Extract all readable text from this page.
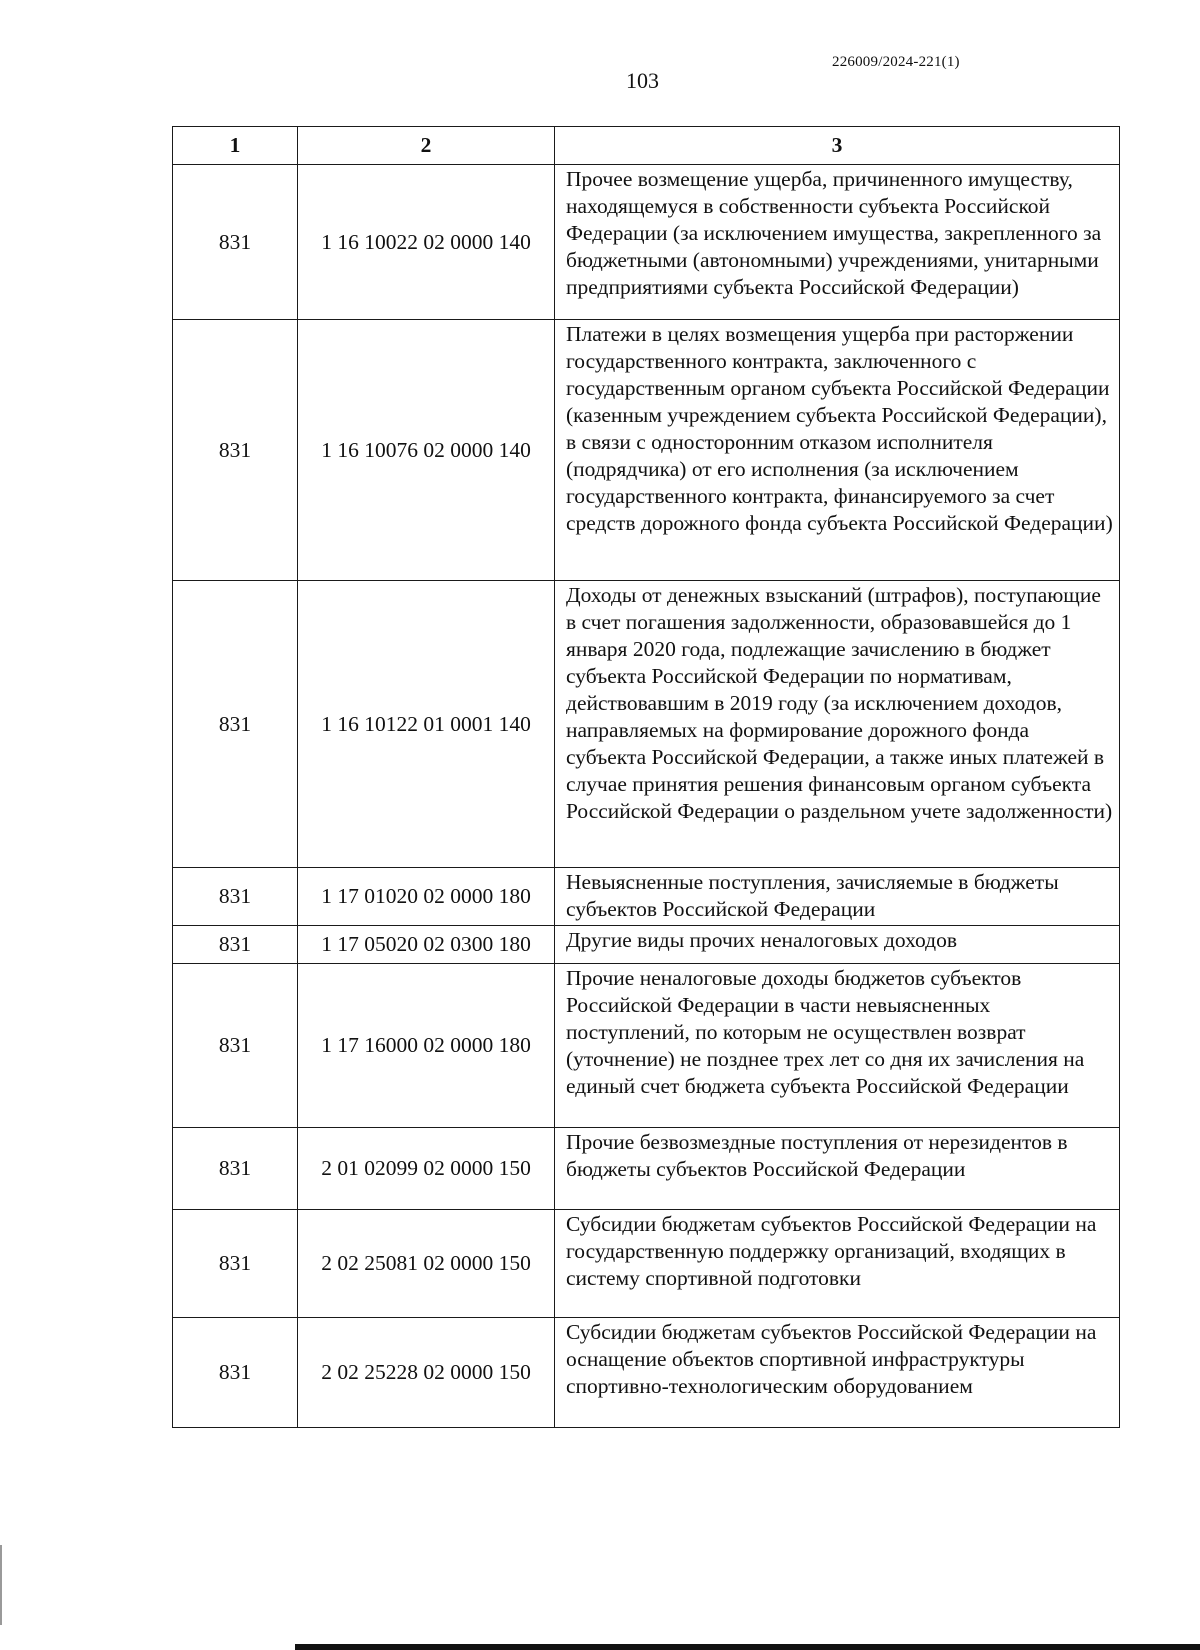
226009/2024-221(1)
103
1	2	3
831	1 16 10022 02 0000 140	Прочее возмещение ущерба, причиненного имуществу, находящемуся в собственности субъекта Российской Федерации (за исключением имущества, закрепленного за бюджетными (автономными) учреждениями, унитарными предприятиями субъекта Российской Федерации)
831	1 16 10076 02 0000 140	Платежи в целях возмещения ущерба при расторжении государственного контракта, заключенного с государственным органом субъекта Российской Федерации (казенным учреждением субъекта Российской Федерации), в связи с односторонним отказом исполнителя (подрядчика) от его исполнения (за исключением государственного контракта, финансируемого за счет средств дорожного фонда субъекта Российской Федерации)
831	1 16 10122 01 0001 140	Доходы от денежных взысканий (штрафов), поступающие в счет погашения задолженности, образовавшейся до 1 января 2020 года, подлежащие зачислению в бюджет субъекта Российской Федерации по нормативам, действовавшим в 2019 году (за исключением доходов, направляемых на формирование дорожного фонда субъекта Российской Федерации, а также иных платежей в случае принятия решения финансовым органом субъекта Российской Федерации о раздельном учете задолженности)
831	1 17 01020 02 0000 180	Невыясненные поступления, зачисляемые в бюджеты субъектов Российской Федерации
831	1 17 05020 02 0300 180	Другие виды прочих неналоговых доходов
831	1 17 16000 02 0000 180	Прочие неналоговые доходы бюджетов субъектов Российской Федерации в части невыясненных поступлений, по которым не осуществлен возврат (уточнение) не позднее трех лет со дня их зачисления на единый счет бюджета субъекта Российской Федерации
831	2 01 02099 02 0000 150	Прочие безвозмездные поступления от нерезидентов в бюджеты субъектов Российской Федерации
831	2 02 25081 02 0000 150	Субсидии бюджетам субъектов Российской Федерации на государственную поддержку организаций, входящих в систему спортивной подготовки
831	2 02 25228 02 0000 150	Субсидии бюджетам субъектов Российской Федерации на оснащение объектов спортивной инфраструктуры спортивно-технологическим оборудованием
